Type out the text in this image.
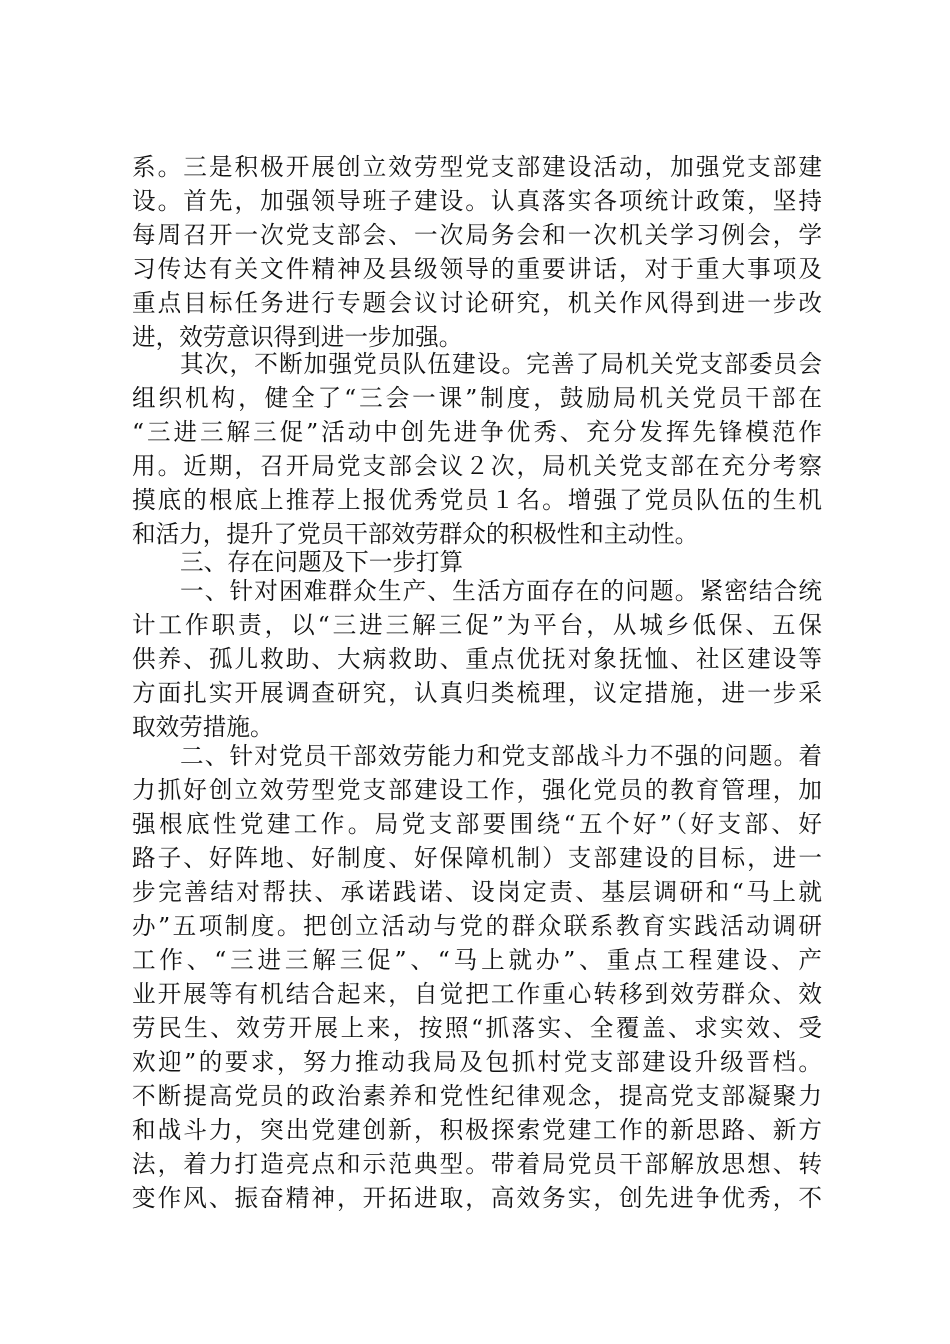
系。三是积极开展创立效劳型党支部建设活动，加强党支部建
设。首先，加强领导班子建设。认真落实各项统计政策，坚持
每周召开一次党支部会、一次局务会和一次机关学习例会，学
习传达有关文件精神及县级领导的重要讲话，对于重大事项及
重点目标任务进行专题会议讨论研究，机关作风得到进一步改
进，效劳意识得到进一步加强。
其次，不断加强党员队伍建设。完善了局机关党支部委员会
组织机构，健全了“三会一课”制度，鼓励局机关党员干部在
“三进三解三促”活动中创先进争优秀、充分发挥先锋模范作
用。近期，召开局党支部会议２次，局机关党支部在充分考察
摸底的根底上推荐上报优秀党员１名。增强了党员队伍的生机
和活力，提升了党员干部效劳群众的积极性和主动性。
三、存在问题及下一步打算
一、针对困难群众生产、生活方面存在的问题。紧密结合统
计工作职责，以“三进三解三促”为平台，从城乡低保、五保
供养、孤儿救助、大病救助、重点优抚对象抚恤、社区建设等
方面扎实开展调查研究，认真归类梳理，议定措施，进一步采
取效劳措施。
二、针对党员干部效劳能力和党支部战斗力不强的问题。着
力抓好创立效劳型党支部建设工作，强化党员的教育管理，加
强根底性党建工作。局党支部要围绕“五个好”（好支部、好
路子、好阵地、好制度、好保障机制）支部建设的目标，进一
步完善结对帮扶、承诺践诺、设岗定责、基层调研和“马上就
办”五项制度。把创立活动与党的群众联系教育实践活动调研
工作、“三进三解三促”、“马上就办”、重点工程建设、产
业开展等有机结合起来，自觉把工作重心转移到效劳群众、效
劳民生、效劳开展上来，按照“抓落实、全覆盖、求实效、受
欢迎”的要求，努力推动我局及包抓村党支部建设升级晋档。
不断提高党员的政治素养和党性纪律观念，提高党支部凝聚力
和战斗力，突出党建创新，积极探索党建工作的新思路、新方
法，着力打造亮点和示范典型。带着局党员干部解放思想、转
变作风、振奋精神，开拓进取，高效务实，创先进争优秀，不
